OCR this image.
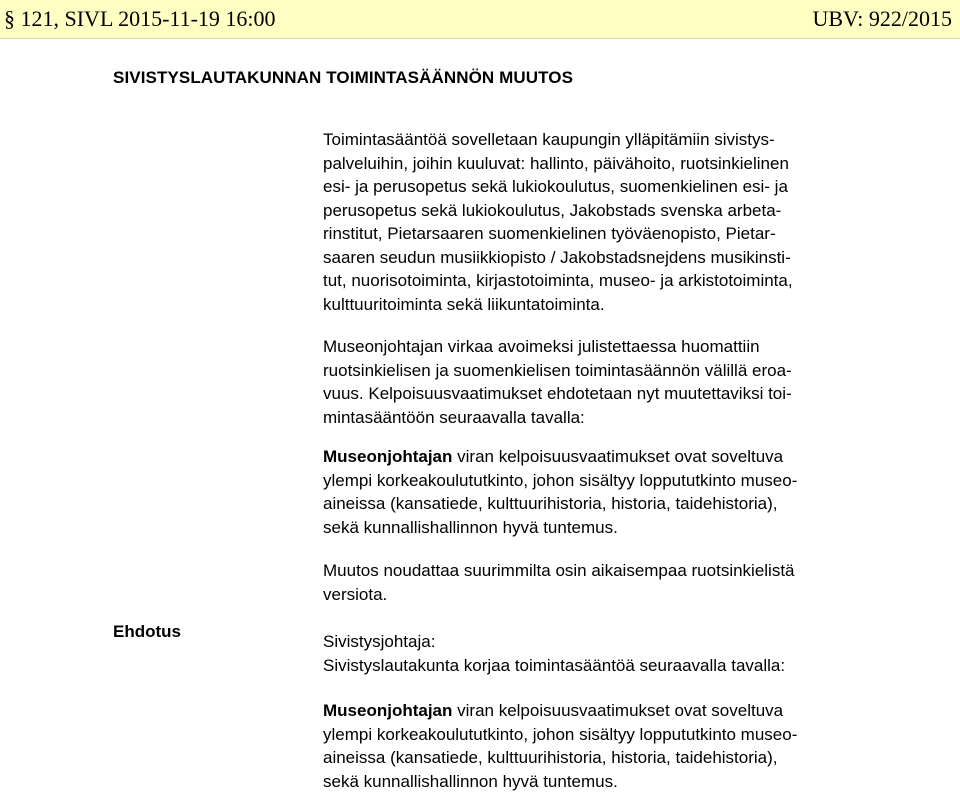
§ 121, SIVL 2015-11-19 16:00	UBV: 922/2015
SIVISTYSLAUTAKUNNAN TOIMINTASÄÄNNÖN MUUTOS
Ehdotus

Toimintasääntöä sovelletaan kaupungin ylläpitämiin sivistys-
palveluihin, joihin kuuluvat: hallinto, päivähoito, ruotsinkielinen
esi- ja perusopetus sekä lukiokoulutus, suomenkielinen esi- ja
perusopetus sekä lukiokoulutus, Jakobstads svenska arbeta-
rinstitut, Pietarsaaren suomenkielinen työväenopisto, Pietar-
saaren seudun musiikkiopisto / Jakobstadsnejdens musikinsti-
tut, nuorisotoiminta, kirjastotoiminta, museo- ja arkistotoiminta,
kulttuuritoiminta sekä liikuntatoiminta.

Museonjohtajan virkaa avoimeksi julistettaessa huomattiin
ruotsinkielisen ja suomenkielisen toimintasäännön välillä eroa-
vuus. Kelpoisuusvaatimukset ehdotetaan nyt muutettaviksi toi-
mintasääntöön seuraavalla tavalla:

Museonjohtajan viran kelpoisuusvaatimukset ovat soveltuva
ylempi korkeakoulututkinto, johon sisältyy loppututkinto museo-
aineissa (kansatiede, kulttuurihistoria, historia, taidehistoria),
sekä kunnallishallinnon hyvä tuntemus.

Muutos noudattaa suurimmilta osin aikaisempaa ruotsinkielistä
versiota.

Sivistysjohtaja:
Sivistyslautakunta korjaa toimintasääntöä seuraavalla tavalla:

Museonjohtajan viran kelpoisuusvaatimukset ovat soveltuva
ylempi korkeakoulututkinto, johon sisältyy loppututkinto museo-
aineissa (kansatiede, kulttuurihistoria, historia, taidehistoria),
sekä kunnallishallinnon hyvä tuntemus.
